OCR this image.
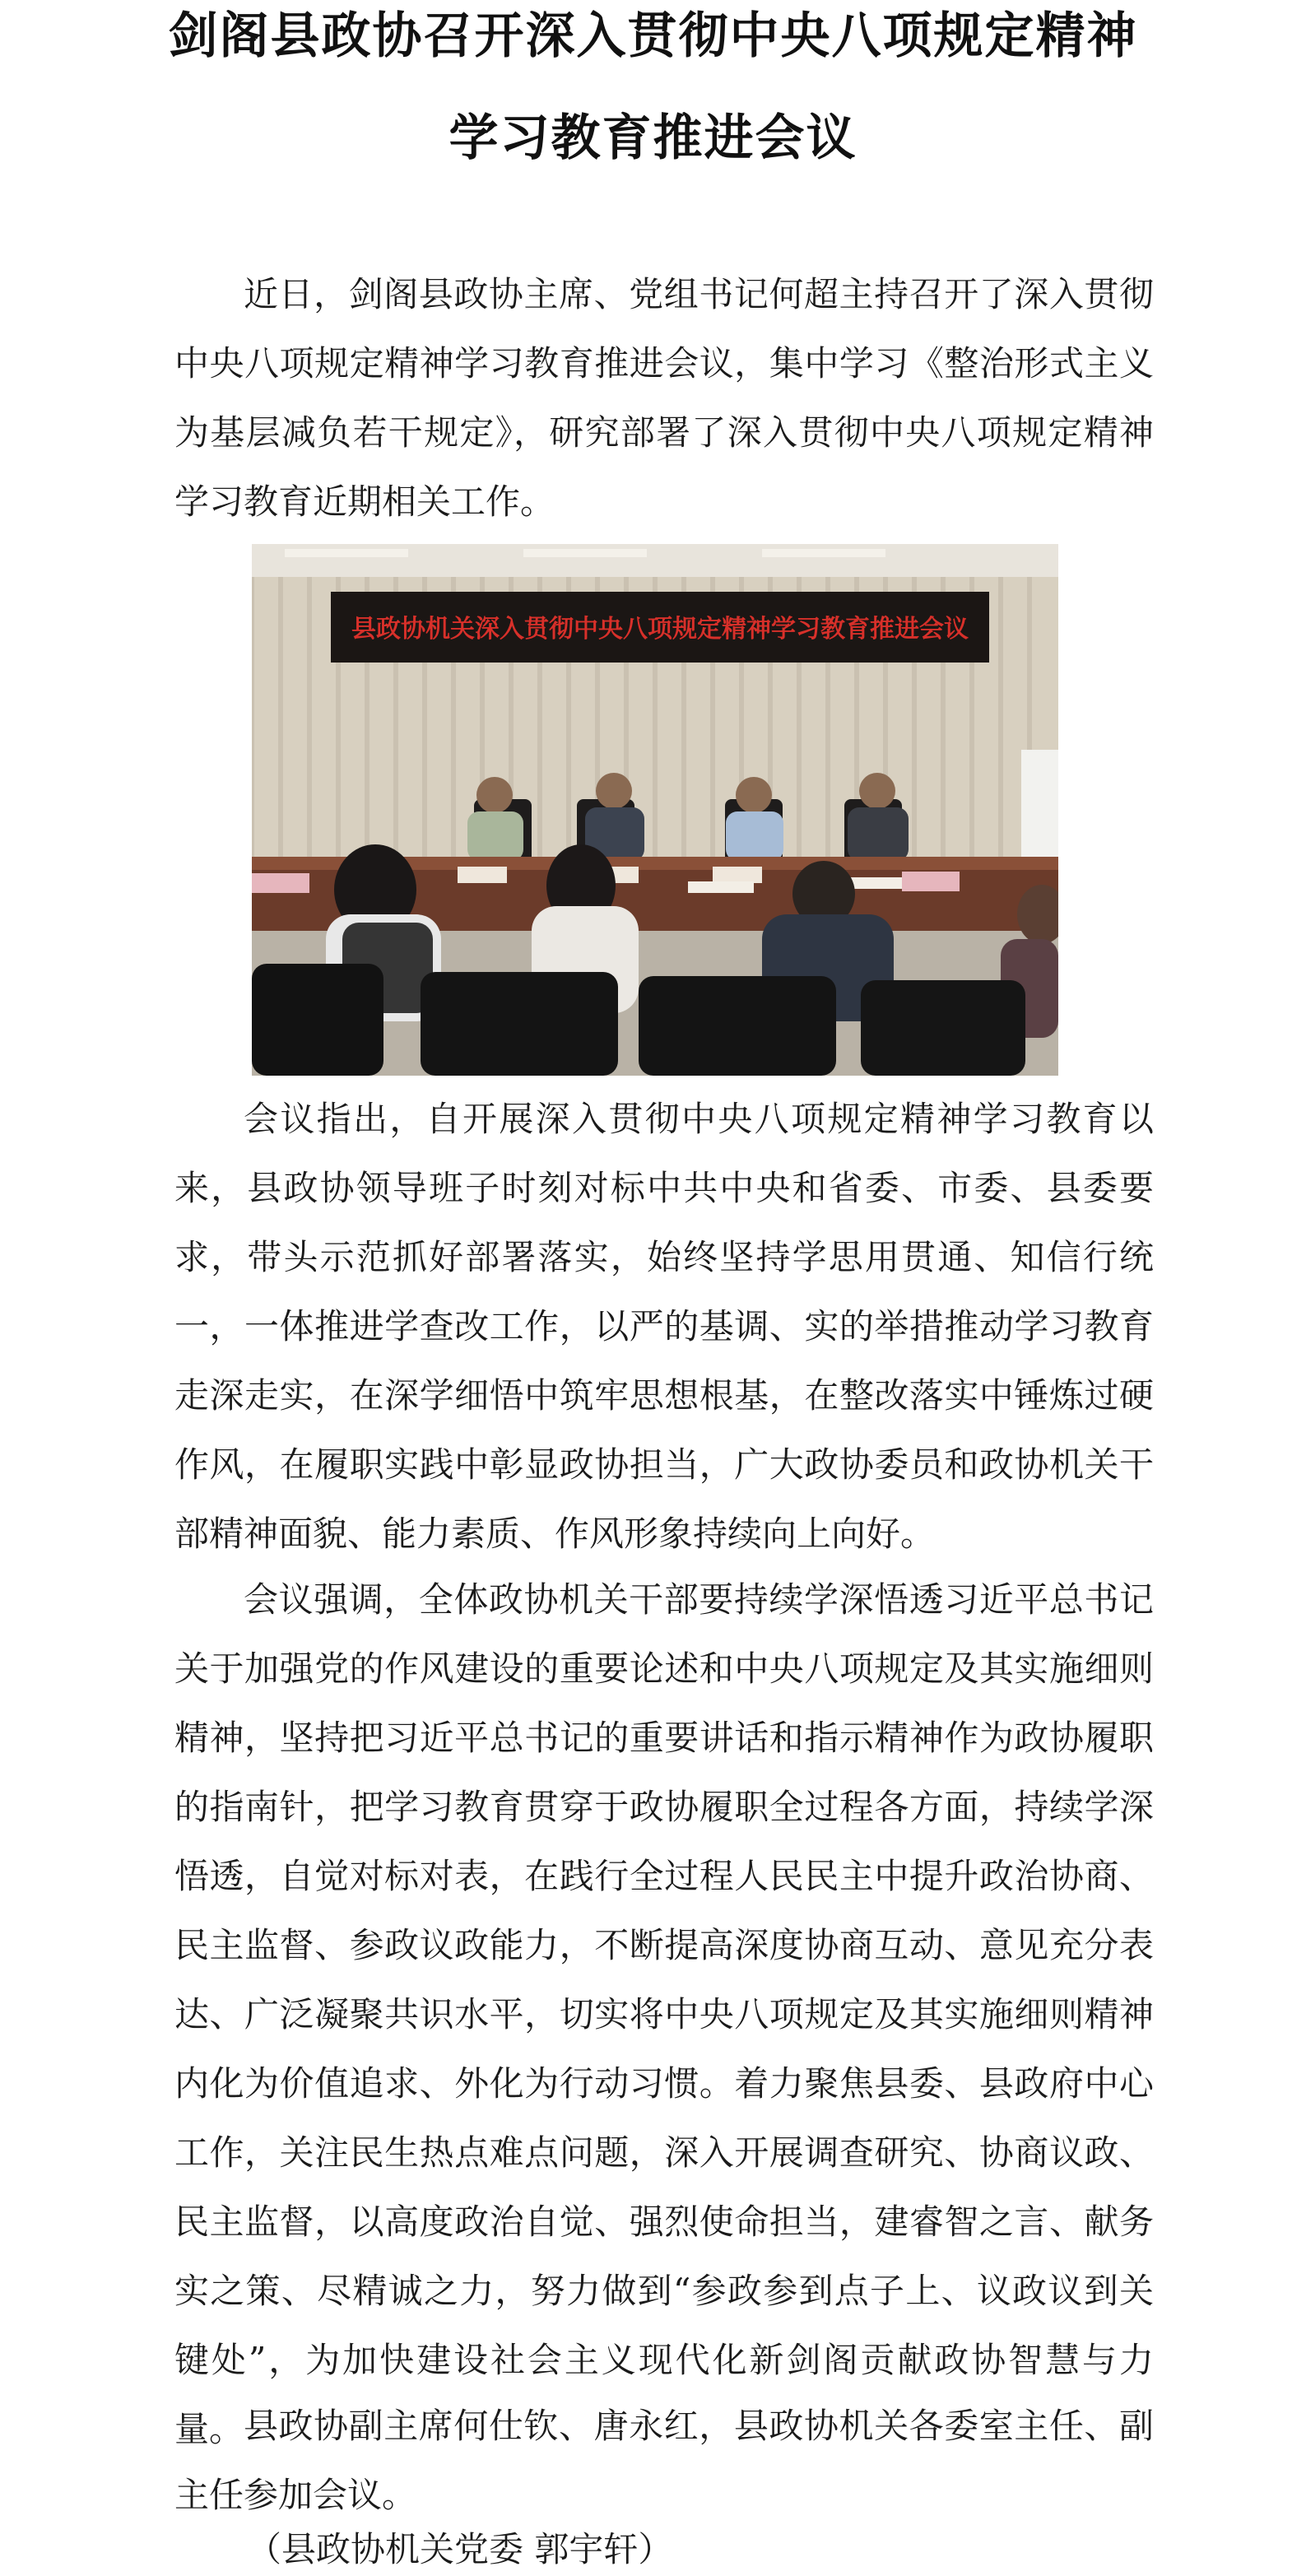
剑阁县政协召开深入贯彻中央八项规定精神
学习教育推进会议

近日，剑阁县政协主席、党组书记何超主持召开了深入贯彻中央八项规定精神学习教育推进会议，集中学习《整治形式主义为基层减负若干规定》，研究部署了深入贯彻中央八项规定精神学习教育近期相关工作。

县政协机关深入贯彻中央八项规定精神学习教育推进会议

会议指出，自开展深入贯彻中央八项规定精神学习教育以来，县政协领导班子时刻对标中共中央和省委、市委、县委要求，带头示范抓好部署落实，始终坚持学思用贯通、知信行统一，一体推进学查改工作，以严的基调、实的举措推动学习教育走深走实，在深学细悟中筑牢思想根基，在整改落实中锤炼过硬作风，在履职实践中彰显政协担当，广大政协委员和政协机关干部精神面貌、能力素质、作风形象持续向上向好。

会议强调，全体政协机关干部要持续学深悟透习近平总书记关于加强党的作风建设的重要论述和中央八项规定及其实施细则精神，坚持把习近平总书记的重要讲话和指示精神作为政协履职的指南针，把学习教育贯穿于政协履职全过程各方面，持续学深悟透，自觉对标对表，在践行全过程人民民主中提升政治协商、民主监督、参政议政能力，不断提高深度协商互动、意见充分表达、广泛凝聚共识水平，切实将中央八项规定及其实施细则精神内化为价值追求、外化为行动习惯。着力聚焦县委、县政府中心工作，关注民生热点难点问题，深入开展调查研究、协商议政、民主监督，以高度政治自觉、强烈使命担当，建睿智之言、献务实之策、尽精诚之力，努力做到“参政参到点子上、议政议到关键处”，为加快建设社会主义现代化新剑阁贡献政协智慧与力量。 县政协副主席何仕钦、唐永红，县政协机关各委室主任、副主任参加会议。

（县政协机关党委 郭宇轩）
